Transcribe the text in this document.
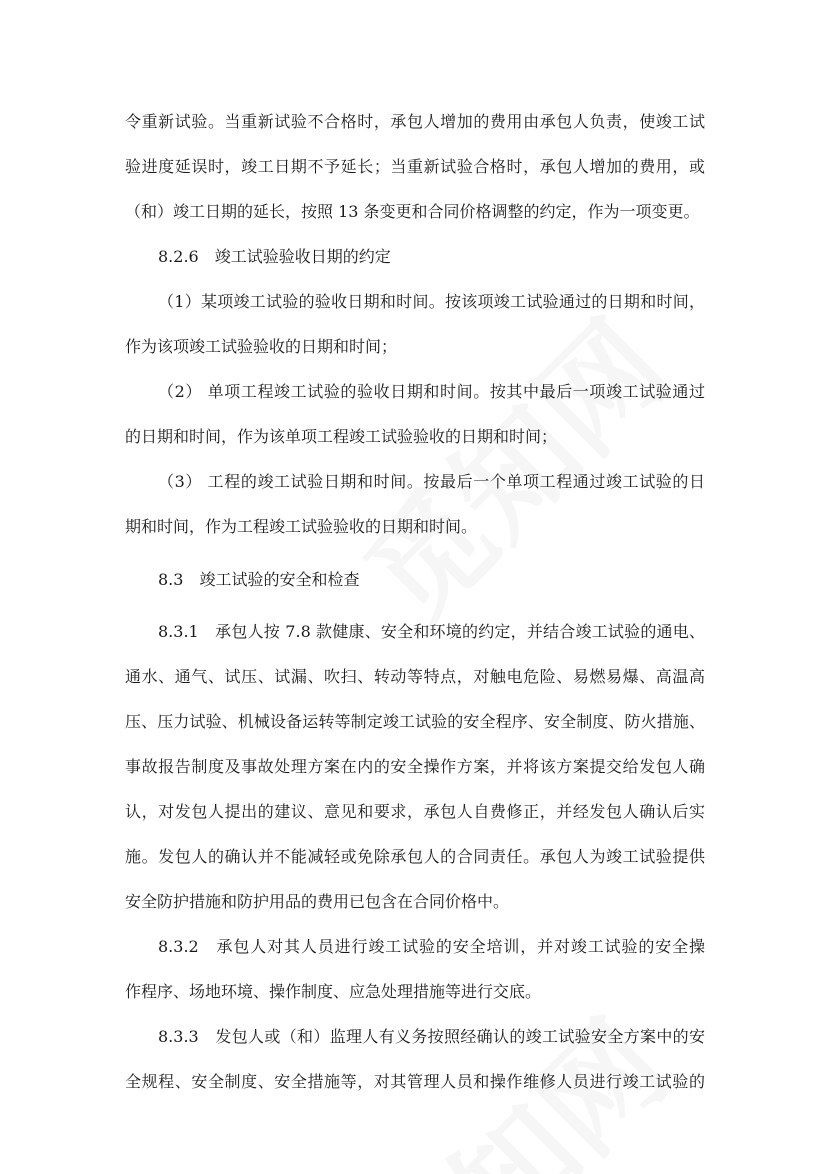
令重新试验。当重新试验不合格时，承包人增加的费用由承包人负责，使竣工试

验进度延误时，竣工日期不予延长；当重新试验合格时，承包人增加的费用，或

（和）竣工日期的延长，按照 13 条变更和合同价格调整的约定，作为一项变更。

8.2.6　竣工试验验收日期的约定

（1）某项竣工试验的验收日期和时间。按该项竣工试验通过的日期和时间，

作为该项竣工试验验收的日期和时间；

（2） 单项工程竣工试验的验收日期和时间。按其中最后一项竣工试验通过

的日期和时间，作为该单项工程竣工试验验收的日期和时间；

（3） 工程的竣工试验日期和时间。按最后一个单项工程通过竣工试验的日

期和时间，作为工程竣工试验验收的日期和时间。

8.3　竣工试验的安全和检查

8.3.1　承包人按 7.8 款健康、安全和环境的约定，并结合竣工试验的通电、

通水、通气、试压、试漏、吹扫、转动等特点，对触电危险、易燃易爆、高温高

压、压力试验、机械设备运转等制定竣工试验的安全程序、安全制度、防火措施、

事故报告制度及事故处理方案在内的安全操作方案，并将该方案提交给发包人确

认，对发包人提出的建议、意见和要求，承包人自费修正，并经发包人确认后实

施。发包人的确认并不能减轻或免除承包人的合同责任。承包人为竣工试验提供

安全防护措施和防护用品的费用已包含在合同价格中。

8.3.2　承包人对其人员进行竣工试验的安全培训，并对竣工试验的安全操

作程序、场地环境、操作制度、应急处理措施等进行交底。

8.3.3　发包人或（和）监理人有义务按照经确认的竣工试验安全方案中的安

全规程、安全制度、安全措施等，对其管理人员和操作维修人员进行竣工试验的
